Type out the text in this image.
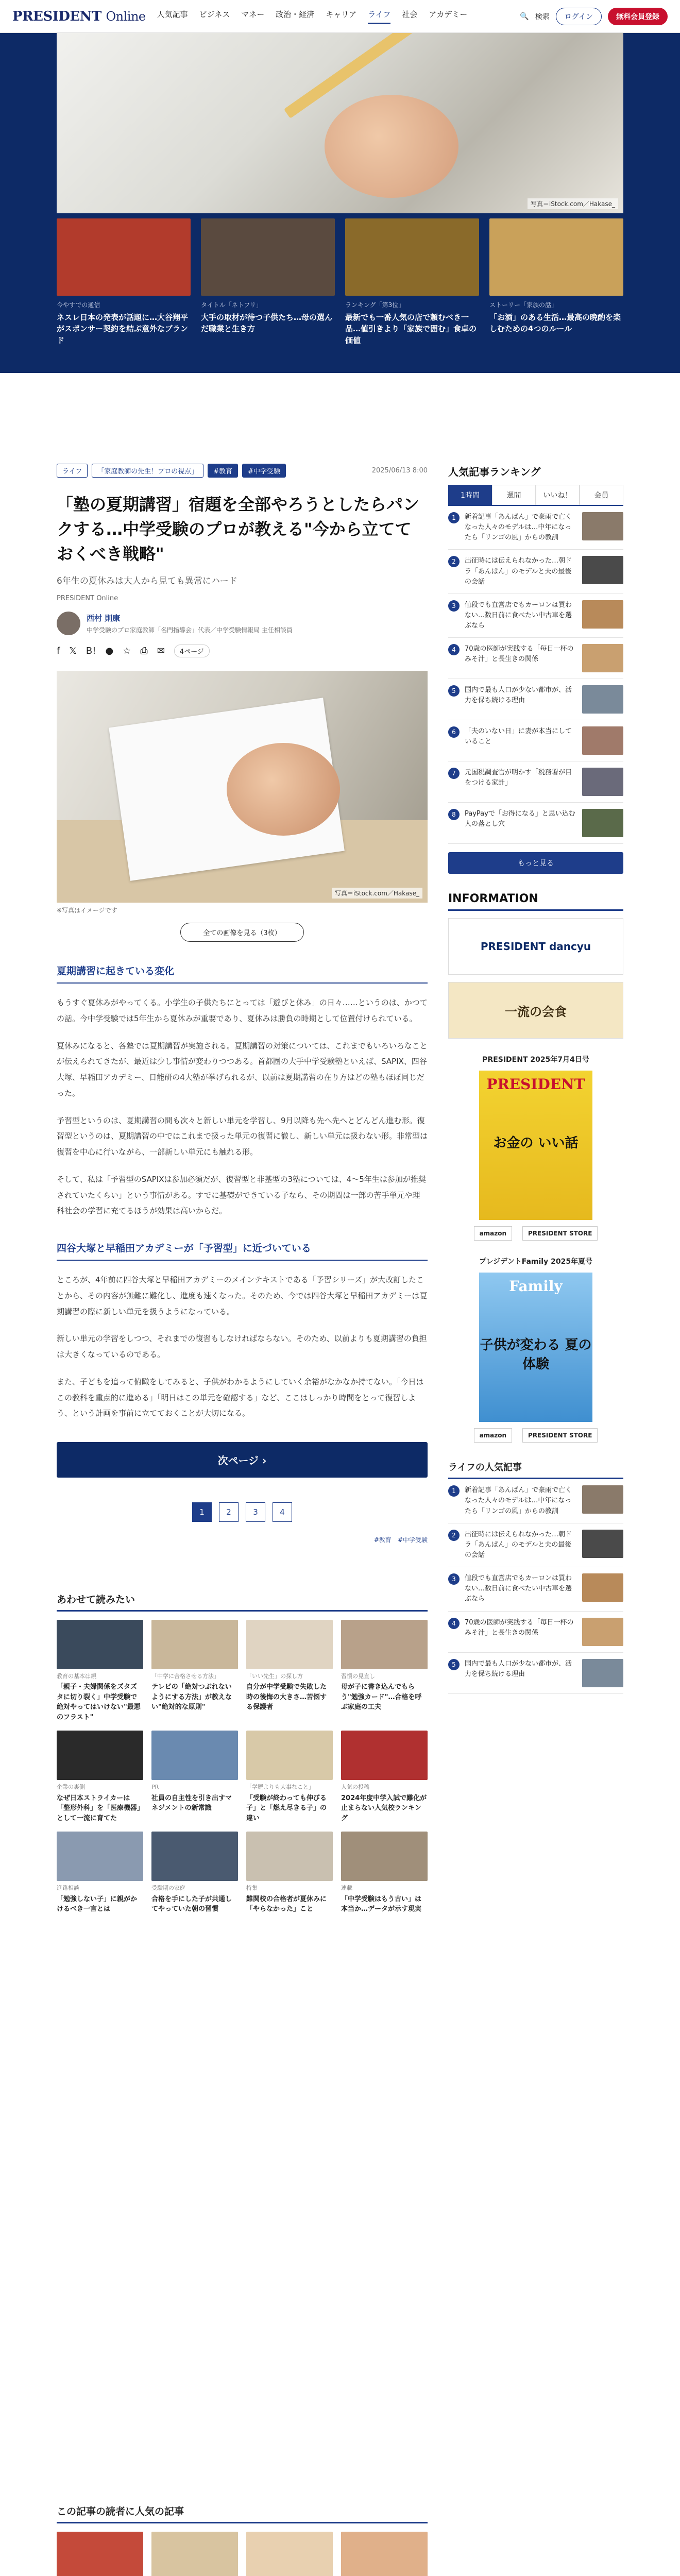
PRESIDENT Online 人気記事 ビジネス マネー 政治・経済 キャリア ライフ 社会 アカデミー	🔍 検索	ログイン	無料会員登録
写真＝iStock.com／Hakase_
今やすでの通信
ネスレ日本の発表が話題に…大谷翔平がスポンサー契約を結ぶ意外なブランド
タイトル「ネトフリ」
大手の取材が待つ子供たち…母の選んだ職業と生き方
ランキング「第3位」
最新でも一番人気の店で頼むべき一品…値引きより「家族で囲む」食卓の価値
ストーリー「家族の話」
「お酒」のある生活…最高の晩酌を楽しむための4つのルール
ライフ	「家庭教師の先生！プロの視点」	#教育	#中学受験	2025/06/13 8:00
「塾の夏期講習」宿題を全部やろうとしたらパンクする…中学受験のプロが教える"今から立てておくべき戦略"
6年生の夏休みは大人から見ても異常にハード
PRESIDENT Online
西村 則康
中学受験のプロ家庭教師「名門指導会」代表／中学受験情報局 主任相談員
f 𝕏 B! ● ☆ ⎙ ✉	4ページ
写真＝iStock.com／Hakase_
※写真はイメージです
全ての画像を見る（3枚）
夏期講習に起きている変化

もうすぐ夏休みがやってくる。小学生の子供たちにとっては「遊びと休み」の日々……というのは、かつての話。今中学受験では5年生から夏休みが重要であり、夏休みは勝負の時期として位置付けられている。

夏休みになると、各塾では夏期講習が実施される。夏期講習の対策については、これまでもいろいろなことが伝えられてきたが、最近は少し事情が変わりつつある。首都圏の大手中学受験塾といえば、SAPIX、四谷大塚、早稲田アカデミー、日能研の4大塾が挙げられるが、以前は夏期講習の在り方はどの塾もほぼ同じだった。

予習型というのは、夏期講習の間も次々と新しい単元を学習し、9月以降も先へ先へとどんどん進む形。復習型というのは、夏期講習の中ではこれまで扱った単元の復習に徹し、新しい単元は扱わない形。非常型は復習を中心に行いながら、一部新しい単元にも触れる形。

そして、私は「予習型のSAPIXは参加必須だが、復習型と非基型の3塾については、4〜5年生は参加が推奨されていたくらい」という事情がある。すでに基礎ができている子なら、その期間は一部の苦手単元や理科社会の学習に充てるほうが効果は高いからだ。

四谷大塚と早稲田アカデミーが「予習型」に近づいている

ところが、4年前に四谷大塚と早稲田アカデミーのメインテキストである「予習シリーズ」が大改訂したことから、その内容が無難に難化し、進度も速くなった。そのため、今では四谷大塚と早稲田アカデミーは夏期講習の際に新しい単元を扱うようになっている。

新しい単元の学習をしつつ、それまでの復習もしなければならない。そのため、以前よりも夏期講習の負担は大きくなっているのである。

また、子どもを追って俯瞰をしてみると、子供がわかるようにしていく余裕がなかなか持てない。「今日はこの教科を重点的に進める」「明日はこの単元を確認する」など、ここはしっかり時間をとって復習しよう、という計画を事前に立てておくことが大切になる。

次ページ ›
1	2	3	4
#教育 #中学受験
あわせて読みたい
教育の基本は親
「親子・夫婦関係をズタズタに切り裂く」中学受験で絶対やってはいけない"最悪のフラスト"
「中学に合格させる方法」
テレビの「絶対つぶれないようにする方法」が教えない"絶対的な原則"
「いい先生」の探し方
自分が中学受験で失敗した時の後悔の大きさ…苦悩する保護者
習慣の見直し
母が子に書き込んでもらう"勉強カード"…合格を呼ぶ家庭の工夫
企業の裏側
なぜ日本ストライカーは「整形外科」を「医療機器」として一流に育てた
PR
社員の自主性を引き出すマネジメントの新常識
「学歴よりも大事なこと」
「受験が終わっても伸びる子」と「燃え尽きる子」の違い
人気の投稿
2024年度中学入試で難化が止まらない人気校ランキング
進路相談
「勉強しない子」に親がかけるべき一言とは
受験期の家庭
合格を手にした子が共通してやっていた朝の習慣
特集
難関校の合格者が夏休みに「やらなかった」こと
連載
「中学受験はもう古い」は本当か…データが示す現実
この記事の読者に人気の記事
人気記事ランキング
1時間	週間	いいね！	会員
1	新着記事「あんぱん」で豪雨で亡くなった人々のモデルは…中年になったら「リンゴの風」からの教訓
2	出征時には伝えられなかった…朝ドラ「あんぱん」のモデルと夫の最後の会話
3	値段でも直営店でもカーロンは買わない…数日前に食べたい中古車を選ぶなら
4	70歳の医師が実践する「毎日一杯のみそ汁」と長生きの関係
5	国内で最も人口が少ない都市が、活力を保ち続ける理由
6	「夫のいない日」に妻が本当にしていること
7	元国税調査官が明かす「税務署が目をつける家計」
8	PayPayで「お得になる」と思い込む人の落とし穴
もっと見る
INFORMATION
PRESIDENT dancyu
一流の会食
PRESIDENT 2025年7月4日号
PRESIDENT
お金の いい話
amazon	PRESIDENT STORE
プレジデントFamily 2025年夏号
Family
子供が変わる 夏の体験
amazon	PRESIDENT STORE
ライフの人気記事
1	新着記事「あんぱん」で豪雨で亡くなった人々のモデルは…中年になったら「リンゴの風」からの教訓
2	出征時には伝えられなかった…朝ドラ「あんぱん」のモデルと夫の最後の会話
3	値段でも直営店でもカーロンは買わない…数日前に食べたい中古車を選ぶなら
4	70歳の医師が実践する「毎日一杯のみそ汁」と長生きの関係
5	国内で最も人口が少ない都市が、活力を保ち続ける理由
